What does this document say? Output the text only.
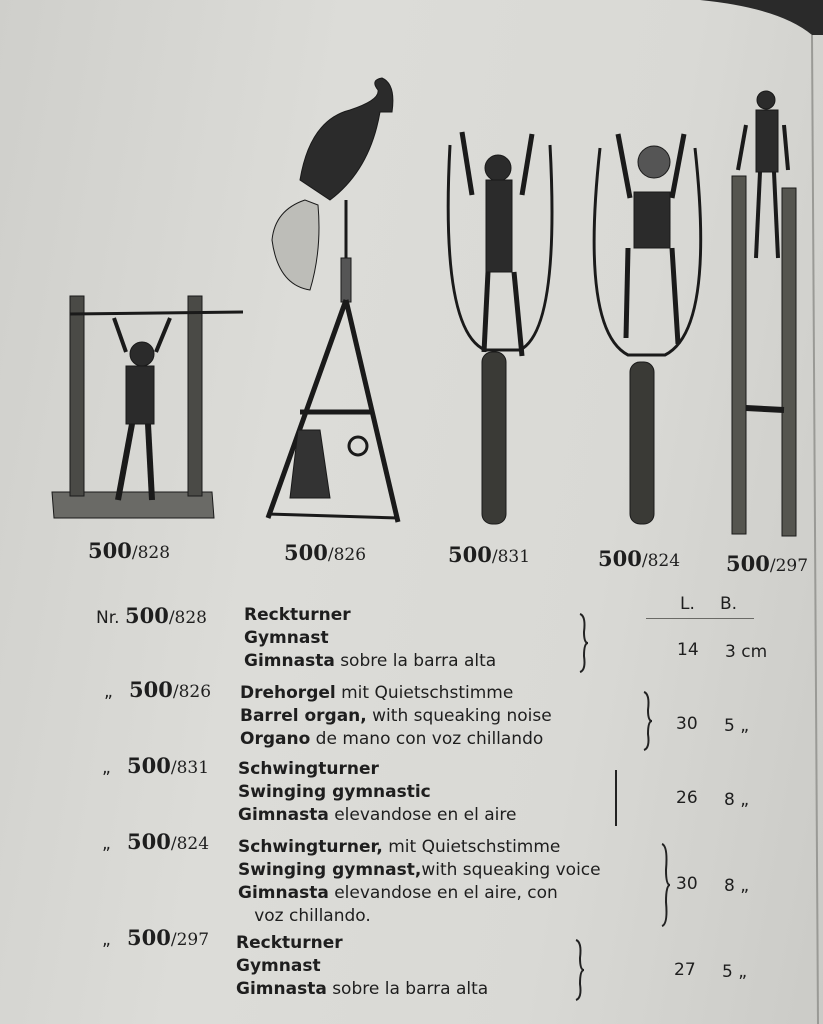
500/828	500/826	500/831	500/824 500/297
L. B.
Nr. 500/828 Reckturner
Gymnast
Gimnasta sobre la barra alta
14 3 cm
„ 500/826 Drehorgel mit Quietschstimme
Barrel organ, with squeaking noise
Organo de mano con voz chillando
30 5 „
„ 500/831 Schwingturner
Swinging gymnastic
Gimnasta elevandose en el aire
26 8 „
„ 500/824 Schwingturner, mit Quietschstimme
Swinging gymnast,with squeaking voice
Gimnasta elevandose en el aire, con
voz chillando.
30 8 „
„ 500/297 Reckturner
Gymnast
Gimnasta sobre la barra alta
27 5 „
